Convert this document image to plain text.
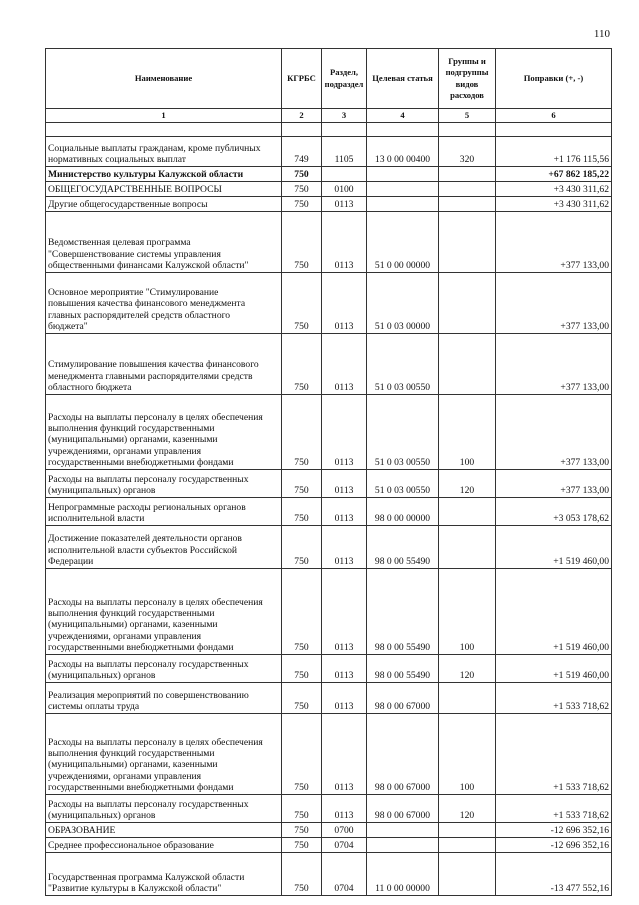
110
Наименование	КГРБС	Раздел, подраздел	Целевая статья	Группы и подгруппы видов расходов	Поправки (+, -)
1	2	3	4	5	6

Социальные выплаты гражданам, кроме публичных
нормативных социальных выплат	749	1105	13 0 00 00400	320	+1 176 115,56
Министерство культуры Калужской области	750				+67 862 185,22
ОБЩЕГОСУДАРСТВЕННЫЕ ВОПРОСЫ	750	0100			+3 430 311,62
Другие общегосударственные вопросы	750	0113			+3 430 311,62
Ведомственная целевая программа
"Совершенствование системы управления
общественными финансами Калужской области"	750	0113	51 0 00 00000		+377 133,00
Основное мероприятие "Стимулирование
повышения качества финансового менеджмента
главных распорядителей средств областного
бюджета"	750	0113	51 0 03 00000		+377 133,00
Стимулирование повышения качества финансового
менеджмента главными распорядителями средств
областного бюджета	750	0113	51 0 03 00550		+377 133,00
Расходы на выплаты персоналу в целях обеспечения
выполнения функций государственными
(муниципальными) органами, казенными
учреждениями, органами управления
государственными внебюджетными фондами	750	0113	51 0 03 00550	100	+377 133,00
Расходы на выплаты персоналу государственных
(муниципальных) органов	750	0113	51 0 03 00550	120	+377 133,00
Непрограммные расходы региональных органов
исполнительной власти	750	0113	98 0 00 00000		+3 053 178,62
Достижение показателей деятельности органов
исполнительной власти субъектов Российской
Федерации	750	0113	98 0 00 55490		+1 519 460,00
Расходы на выплаты персоналу в целях обеспечения
выполнения функций государственными
(муниципальными) органами, казенными
учреждениями, органами управления
государственными внебюджетными фондами	750	0113	98 0 00 55490	100	+1 519 460,00
Расходы на выплаты персоналу государственных
(муниципальных) органов	750	0113	98 0 00 55490	120	+1 519 460,00
Реализация мероприятий по совершенствованию
системы оплаты труда	750	0113	98 0 00 67000		+1 533 718,62
Расходы на выплаты персоналу в целях обеспечения
выполнения функций государственными
(муниципальными) органами, казенными
учреждениями, органами управления
государственными внебюджетными фондами	750	0113	98 0 00 67000	100	+1 533 718,62
Расходы на выплаты персоналу государственных
(муниципальных) органов	750	0113	98 0 00 67000	120	+1 533 718,62
ОБРАЗОВАНИЕ	750	0700			-12 696 352,16
Среднее профессиональное образование	750	0704			-12 696 352,16
Государственная программа Калужской области
"Развитие культуры в Калужской области"	750	0704	11 0 00 00000		-13 477 552,16
